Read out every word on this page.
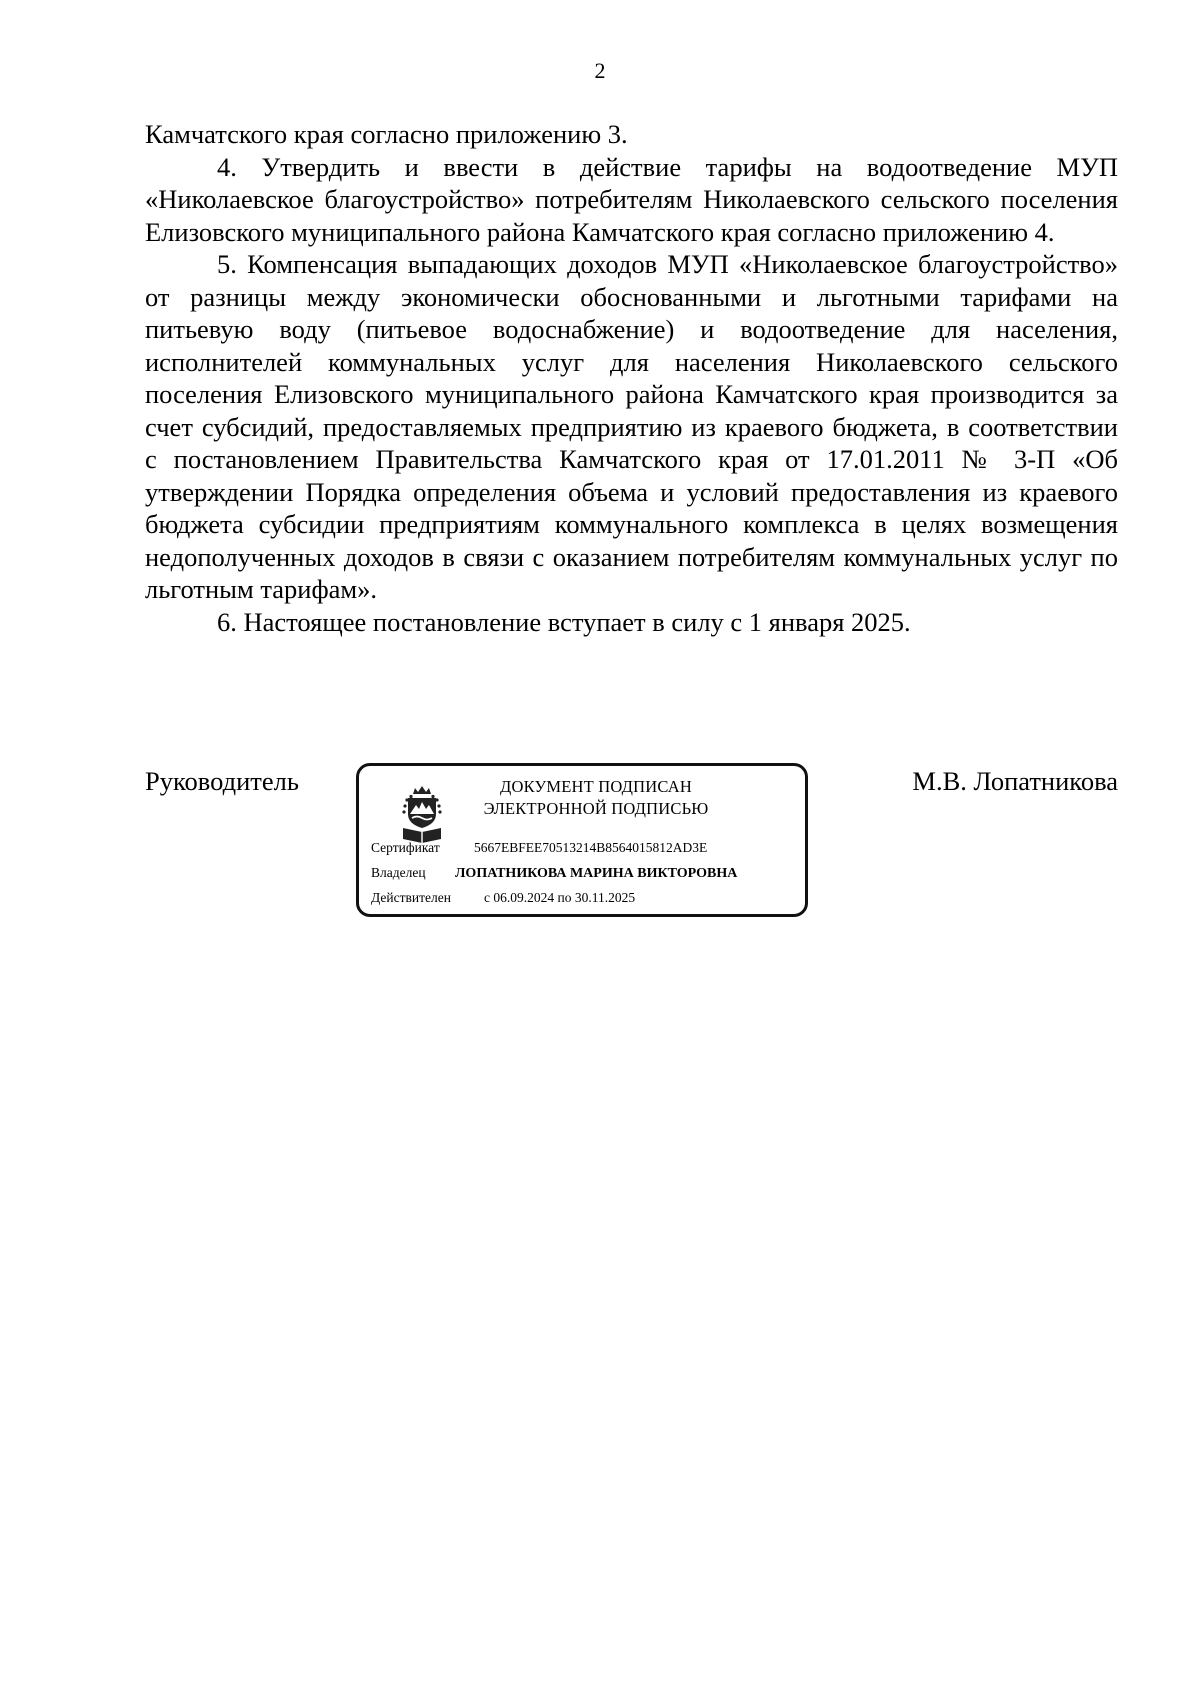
2

Камчатского края согласно приложению 3.

4. Утвердить и ввести в действие тарифы на водоотведение МУП «Николаевское благоустройство» потребителям Николаевского сельского поселения Елизовского муниципального района Камчатского края согласно приложению 4.

5. Компенсация выпадающих доходов МУП «Николаевское благоустройство» от разницы между экономически обоснованными и льготными тарифами на питьевую воду (питьевое водоснабжение) и водоотведение для населения, исполнителей коммунальных услуг для населения Николаевского сельского поселения Елизовского муниципального района Камчатского края производится за счет субсидий, предоставляемых предприятию из краевого бюджета, в соответствии с постановлением Правительства Камчатского края от 17.01.2011 № 3-П «Об утверждении Порядка определения объема и условий предоставления из краевого бюджета субсидии предприятиям коммунального комплекса в целях возмещения недополученных доходов в связи с оказанием потребителям коммунальных услуг по льготным тарифам».

6. Настоящее постановление вступает в силу с 1 января 2025.

Руководитель	М.В. Лопатникова
ДОКУМЕНТ ПОДПИСАН
ЭЛЕКТРОННОЙ ПОДПИСЬЮ
Сертификат	5667EBFEE70513214B8564015812AD3E
Владелец ЛОПАТНИКОВА МАРИНА ВИКТОРОВНА
Действителен с 06.09.2024 по 30.11.2025
